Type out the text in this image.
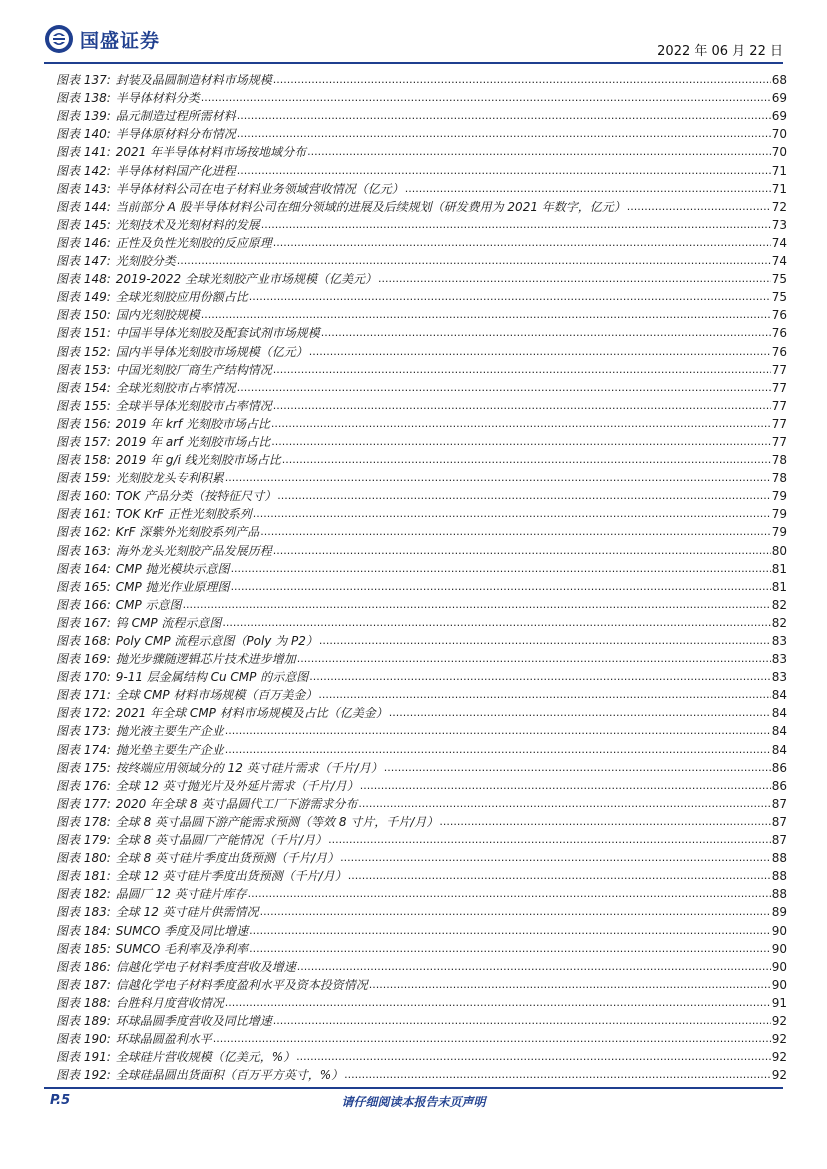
国盛证券	2022 年 06 月 22 日
图表 137: 封装及晶圆制造材料市场规模 .....	68
图表 138: 半导体材料分类 .....	69
图表 139: 晶元制造过程所需材料 .....	69
图表 140: 半导体原材料分布情况 .....	70
图表 141: 2021 年半导体材料市场按地域分布 .....	70
图表 142: 半导体材料国产化进程 .....	71
图表 143: 半导体材料公司在电子材料业务领域营收情况（亿元） .....	71
图表 144: 当前部分 A 股半导体材料公司在细分领域的进展及后续规划（研发费用为 2021 年数字，亿元） .....	72
图表 145: 光刻技术及光刻材料的发展 .....	73
图表 146: 正性及负性光刻胶的反应原理 .....	74
图表 147: 光刻胶分类 .....	74
图表 148: 2019-2022 全球光刻胶产业市场规模（亿美元） .....	75
图表 149: 全球光刻胶应用份额占比 .....	75
图表 150: 国内光刻胶规模 .....	76
图表 151: 中国半导体光刻胶及配套试剂市场规模 .....	76
图表 152: 国内半导体光刻胶市场规模（亿元） .....	76
图表 153: 中国光刻胶厂商生产结构情况 .....	77
图表 154: 全球光刻胶市占率情况 .....	77
图表 155: 全球半导体光刻胶市占率情况 .....	77
图表 156: 2019 年 krf 光刻胶市场占比 .....	77
图表 157: 2019 年 arf 光刻胶市场占比 .....	77
图表 158: 2019 年 g/i 线光刻胶市场占比 .....	78
图表 159: 光刻胶龙头专利积累 .....	78
图表 160: TOK 产品分类（按特征尺寸） .....	79
图表 161: TOK KrF 正性光刻胶系列 .....	79
图表 162: KrF 深紫外光刻胶系列产品 .....	79
图表 163: 海外龙头光刻胶产品发展历程 .....	80
图表 164: CMP 抛光模块示意图 .....	81
图表 165: CMP 抛光作业原理图 .....	81
图表 166: CMP 示意图 .....	82
图表 167: 钨 CMP 流程示意图 .....	82
图表 168: Poly CMP 流程示意图（Poly 为 P2） .....	83
图表 169: 抛光步骤随逻辑芯片技术进步增加 .....	83
图表 170: 9-11 层金属结构 Cu CMP 的示意图 .....	83
图表 171: 全球 CMP 材料市场规模（百万美金） .....	84
图表 172: 2021 年全球 CMP 材料市场规模及占比（亿美金） .....	84
图表 173: 抛光液主要生产企业 .....	84
图表 174: 抛光垫主要生产企业 .....	84
图表 175: 按终端应用领域分的 12 英寸硅片需求（千片/月） .....	86
图表 176: 全球 12 英寸抛光片及外延片需求（千片/月） .....	86
图表 177: 2020 年全球 8 英寸晶圆代工厂下游需求分布 .....	87
图表 178: 全球 8 英寸晶圆下游产能需求预测（等效 8 寸片，千片/月） .....	87
图表 179: 全球 8 英寸晶圆厂产能情况（千片/月） .....	87
图表 180: 全球 8 英寸硅片季度出货预测（千片/月） .....	88
图表 181: 全球 12 英寸硅片季度出货预测（千片/月） .....	88
图表 182: 晶圆厂 12 英寸硅片库存 .....	88
图表 183: 全球 12 英寸硅片供需情况 .....	89
图表 184: SUMCO 季度及同比增速 .....	90
图表 185: SUMCO 毛利率及净利率 .....	90
图表 186: 信越化学电子材料季度营收及增速 .....	90
图表 187: 信越化学电子材料季度盈利水平及资本投资情况 .....	90
图表 188: 台胜科月度营收情况 .....	91
图表 189: 环球晶圆季度营收及同比增速 .....	92
图表 190: 环球晶圆盈利水平 .....	92
图表 191: 全球硅片营收规模（亿美元，%） .....	92
图表 192: 全球硅晶圆出货面积（百万平方英寸，%） .....	92
P.5	请仔细阅读本报告末页声明
